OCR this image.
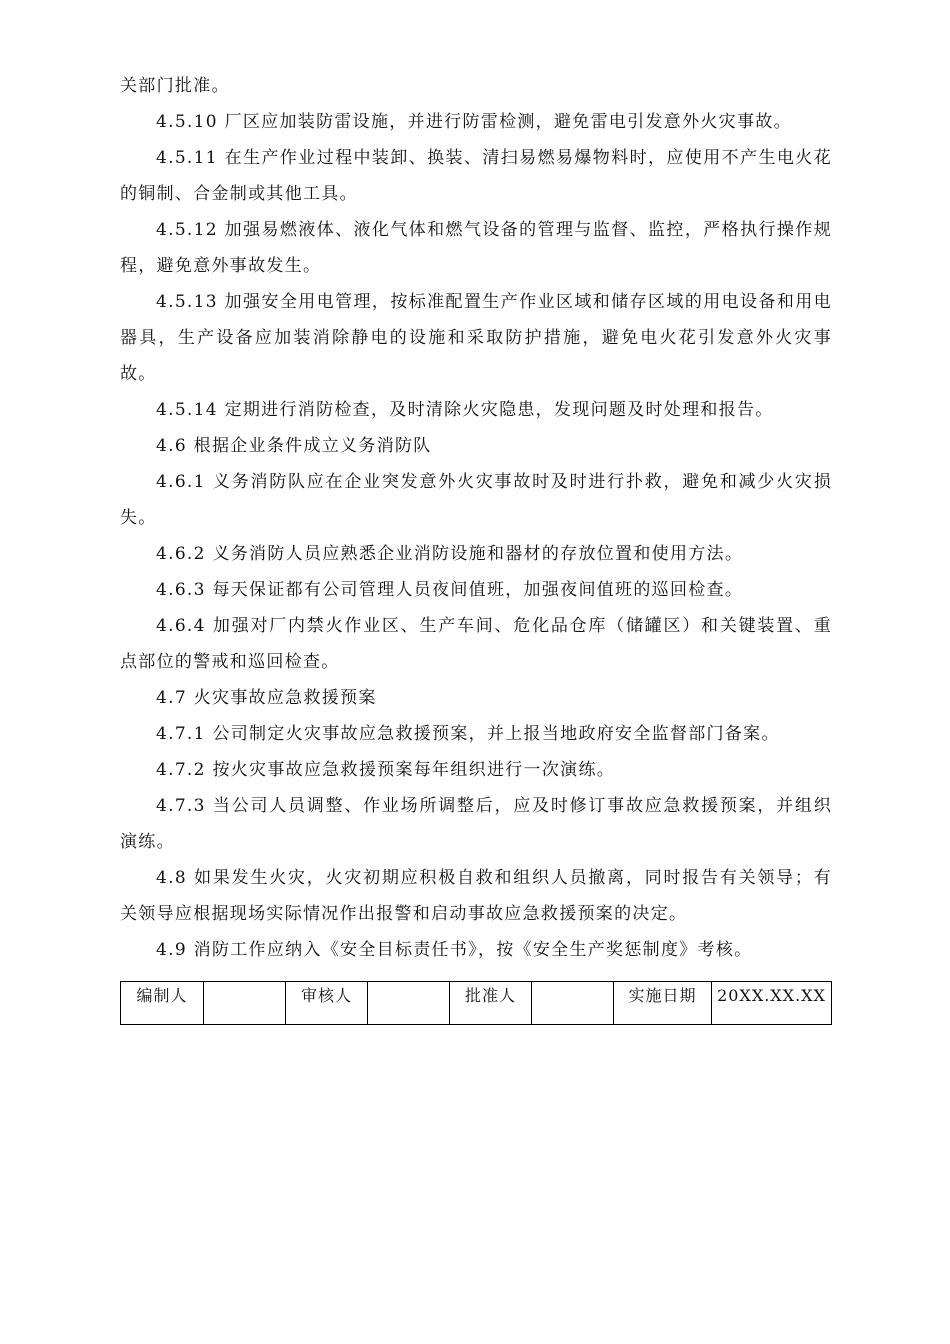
关部门批准。

4.5.10 厂区应加装防雷设施，并进行防雷检测，避免雷电引发意外火灾事故。

4.5.11 在生产作业过程中装卸、换装、清扫易燃易爆物料时，应使用不产生电火花的铜制、合金制或其他工具。

4.5.12 加强易燃液体、液化气体和燃气设备的管理与监督、监控，严格执行操作规程，避免意外事故发生。

4.5.13 加强安全用电管理，按标准配置生产作业区域和储存区域的用电设备和用电器具，生产设备应加装消除静电的设施和采取防护措施，避免电火花引发意外火灾事故。

4.5.14 定期进行消防检查，及时清除火灾隐患，发现问题及时处理和报告。

4.6 根据企业条件成立义务消防队

4.6.1 义务消防队应在企业突发意外火灾事故时及时进行扑救，避免和减少火灾损失。

4.6.2 义务消防人员应熟悉企业消防设施和器材的存放位置和使用方法。

4.6.3 每天保证都有公司管理人员夜间值班，加强夜间值班的巡回检查。

4.6.4 加强对厂内禁火作业区、生产车间、危化品仓库（储罐区）和关键装置、重点部位的警戒和巡回检查。

4.7 火灾事故应急救援预案

4.7.1 公司制定火灾事故应急救援预案，并上报当地政府安全监督部门备案。

4.7.2 按火灾事故应急救援预案每年组织进行一次演练。

4.7.3 当公司人员调整、作业场所调整后，应及时修订事故应急救援预案，并组织演练。

4.8 如果发生火灾，火灾初期应积极自救和组织人员撤离，同时报告有关领导；有关领导应根据现场实际情况作出报警和启动事故应急救援预案的决定。

4.9 消防工作应纳入《安全目标责任书》，按《安全生产奖惩制度》考核。

编制人		审核人		批准人		实施日期	20XX.XX.XX
